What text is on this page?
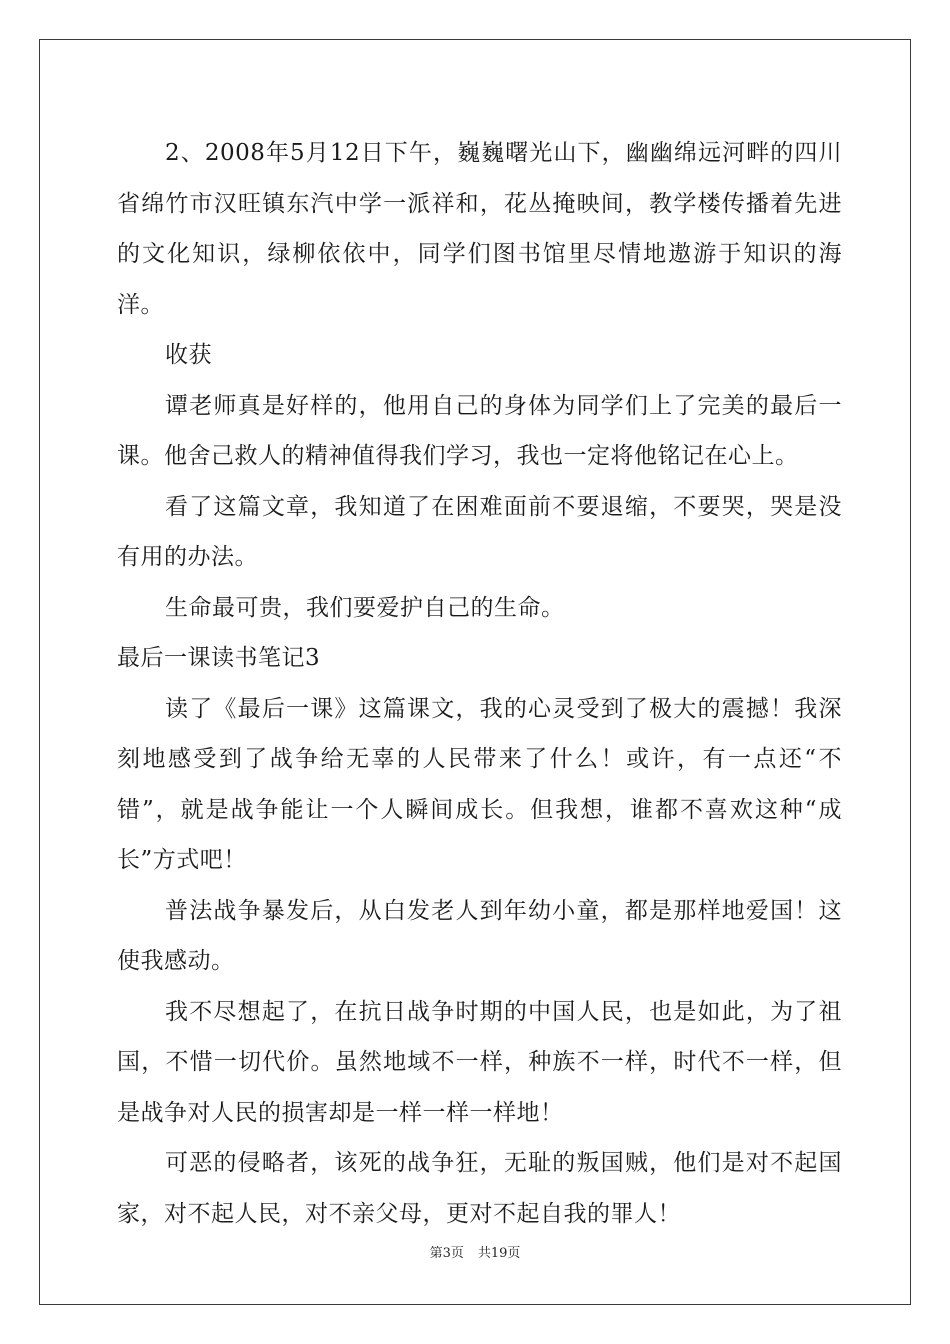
2、2008年5月12日下午，巍巍曙光山下，幽幽绵远河畔的四川省绵竹市汉旺镇东汽中学一派祥和，花丛掩映间，教学楼传播着先进的文化知识，绿柳依依中，同学们图书馆里尽情地遨游于知识的海洋。

收获

谭老师真是好样的，他用自己的身体为同学们上了完美的最后一课。他舍己救人的精神值得我们学习，我也一定将他铭记在心上。

看了这篇文章，我知道了在困难面前不要退缩，不要哭，哭是没有用的办法。

生命最可贵，我们要爱护自己的生命。

最后一课读书笔记3

读了《最后一课》这篇课文，我的心灵受到了极大的震撼！我深刻地感受到了战争给无辜的人民带来了什么！或许，有一点还“不错”，就是战争能让一个人瞬间成长。但我想，谁都不喜欢这种“成长”方式吧！

普法战争暴发后，从白发老人到年幼小童，都是那样地爱国！这使我感动。

我不尽想起了，在抗日战争时期的中国人民，也是如此，为了祖国，不惜一切代价。虽然地域不一样，种族不一样，时代不一样，但是战争对人民的损害却是一样一样一样地！

可恶的侵略者，该死的战争狂，无耻的叛国贼，他们是对不起国家，对不起人民，对不亲父母，更对不起自我的罪人！

第3页 共19页
